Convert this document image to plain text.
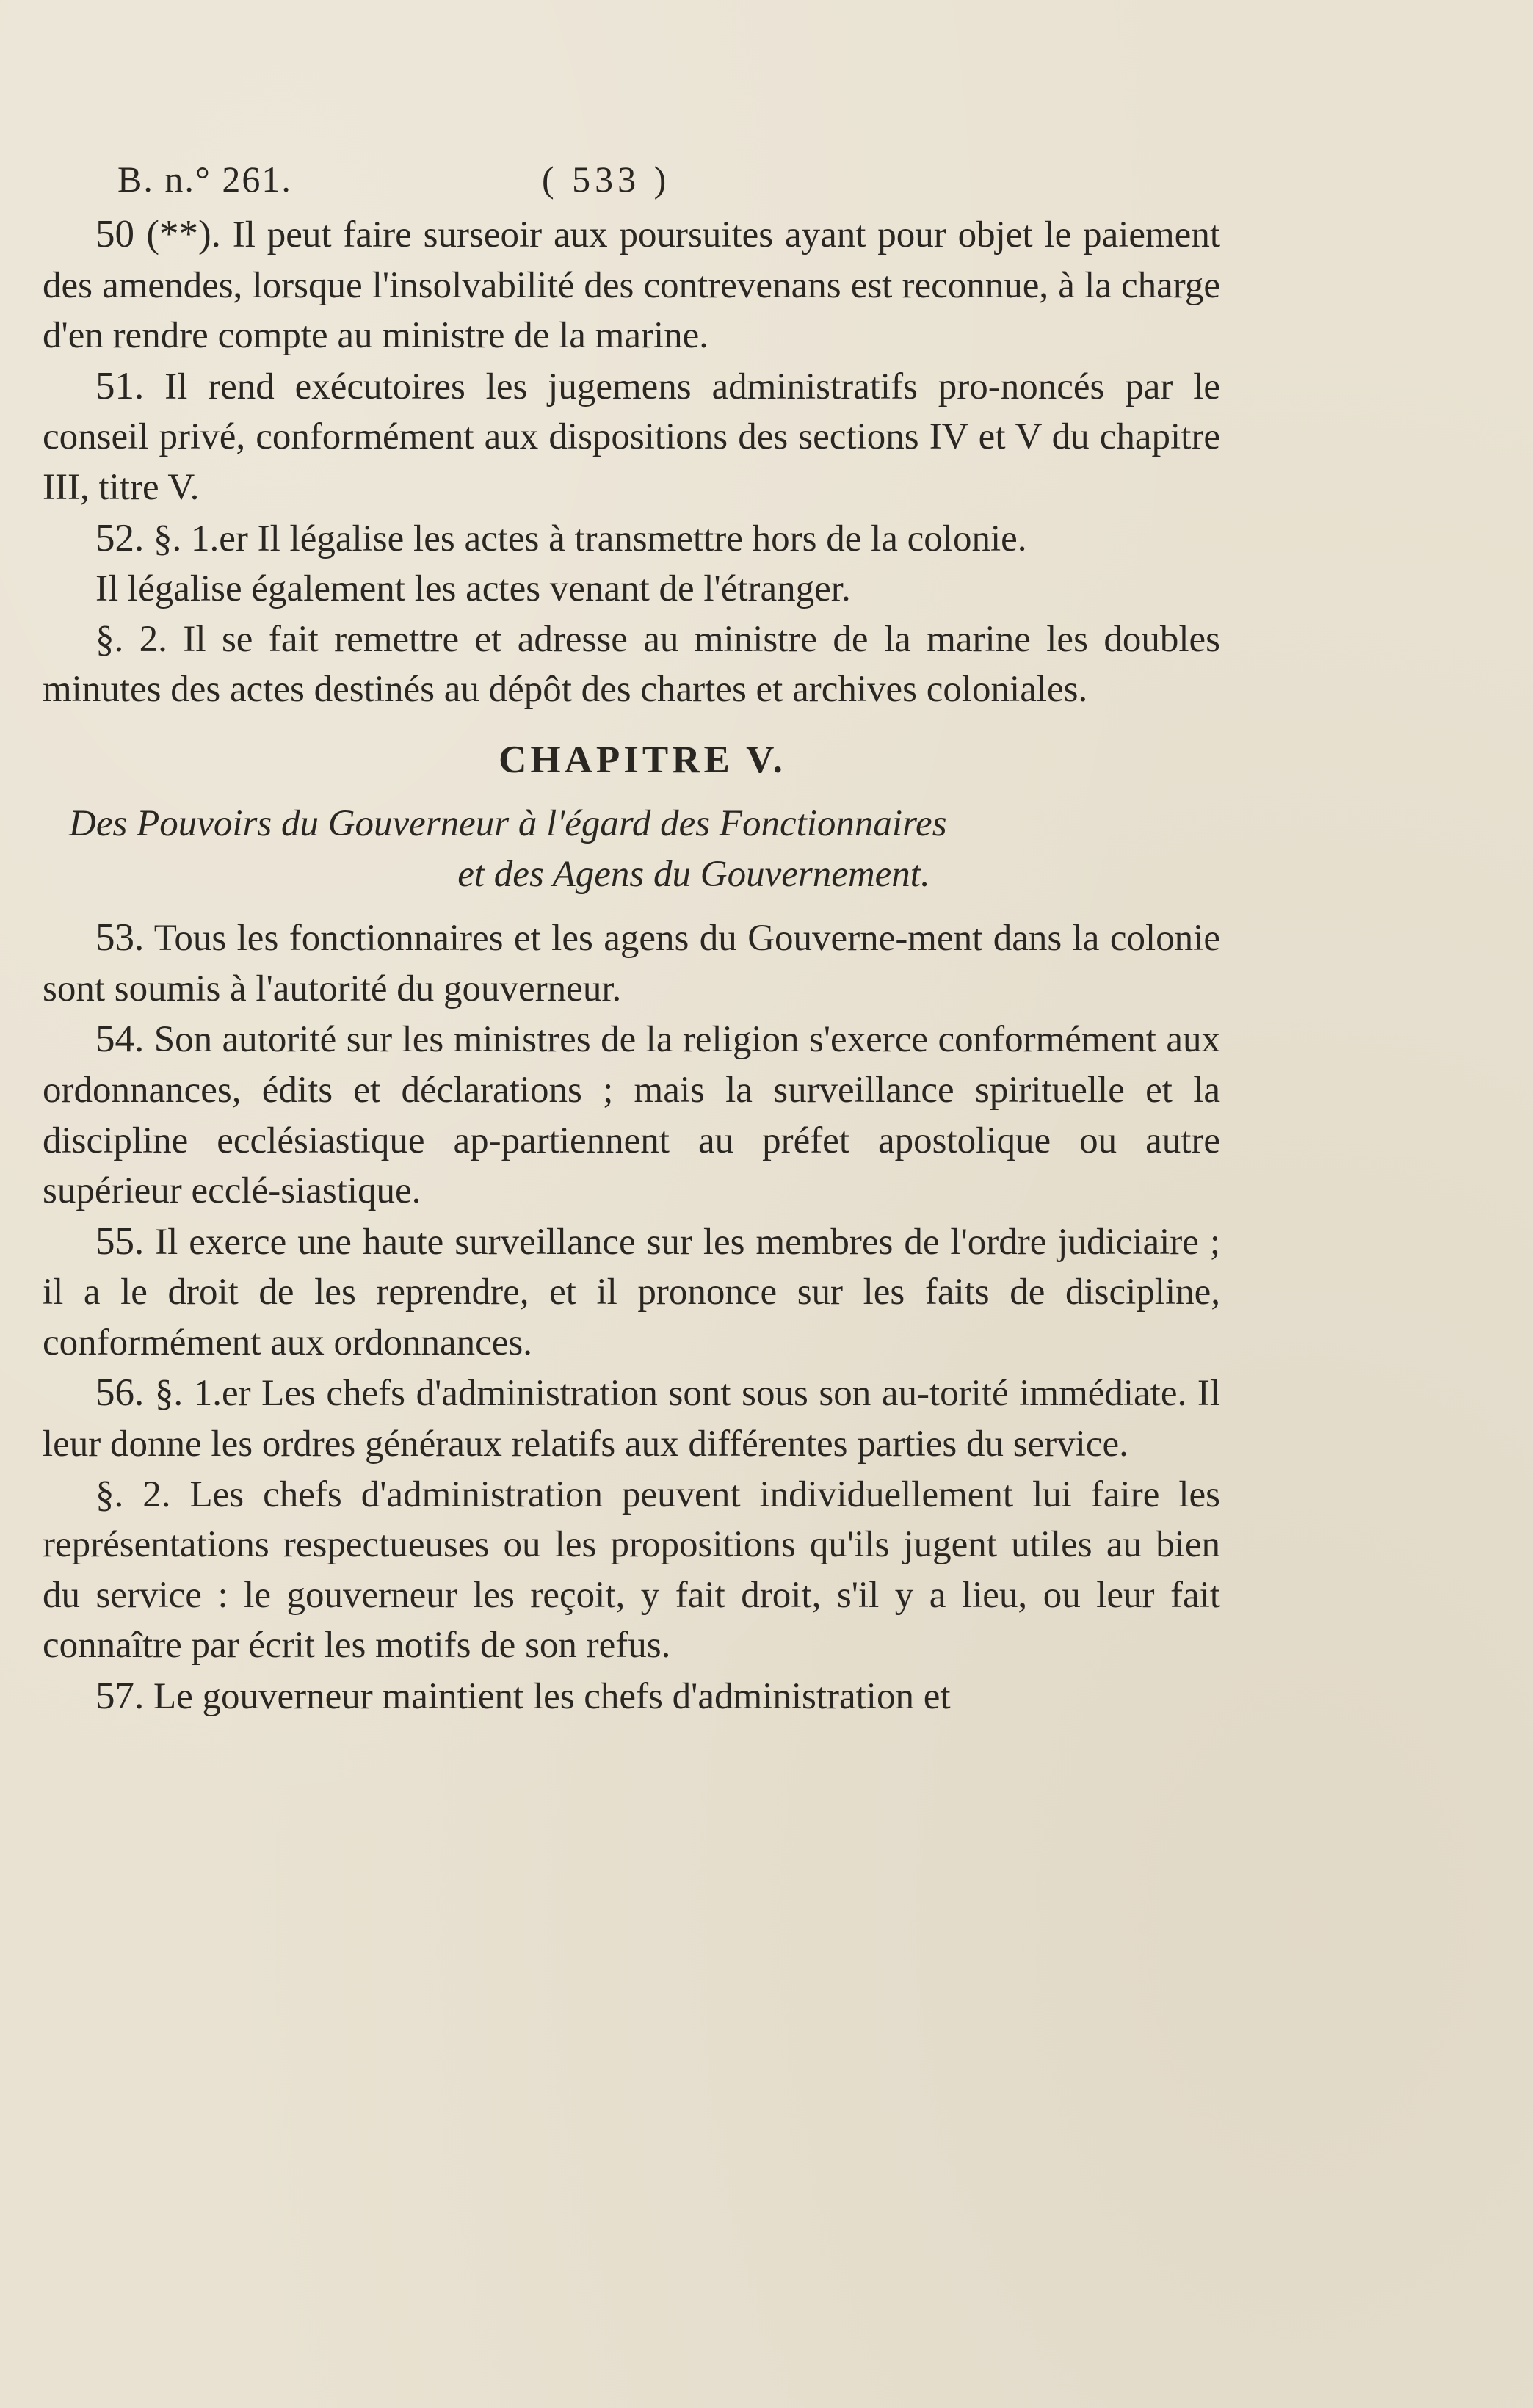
B. n.° 261.	( 533 )

50 (**). Il peut faire surseoir aux poursuites ayant pour objet le paiement des amendes, lorsque l'insolvabilité des contrevenans est reconnue, à la charge d'en rendre compte au ministre de la marine.

51. Il rend exécutoires les jugemens administratifs pro-noncés par le conseil privé, conformément aux dispositions des sections IV et V du chapitre III, titre V.

52. §. 1.er Il légalise les actes à transmettre hors de la colonie.

Il légalise également les actes venant de l'étranger.

§. 2. Il se fait remettre et adresse au ministre de la marine les doubles minutes des actes destinés au dépôt des chartes et archives coloniales.

CHAPITRE V.

Des Pouvoirs du Gouverneur à l'égard des Fonctionnaires
et des Agens du Gouvernement.

53. Tous les fonctionnaires et les agens du Gouverne-ment dans la colonie sont soumis à l'autorité du gouverneur.

54. Son autorité sur les ministres de la religion s'exerce conformément aux ordonnances, édits et déclarations ; mais la surveillance spirituelle et la discipline ecclésiastique ap-partiennent au préfet apostolique ou autre supérieur ecclé-siastique.

55. Il exerce une haute surveillance sur les membres de l'ordre judiciaire ; il a le droit de les reprendre, et il prononce sur les faits de discipline, conformément aux ordonnances.

56. §. 1.er Les chefs d'administration sont sous son au-torité immédiate. Il leur donne les ordres généraux relatifs aux différentes parties du service.

§. 2. Les chefs d'administration peuvent individuellement lui faire les représentations respectueuses ou les propositions qu'ils jugent utiles au bien du service : le gouverneur les reçoit, y fait droit, s'il y a lieu, ou leur fait connaître par écrit les motifs de son refus.

57. Le gouverneur maintient les chefs d'administration et
